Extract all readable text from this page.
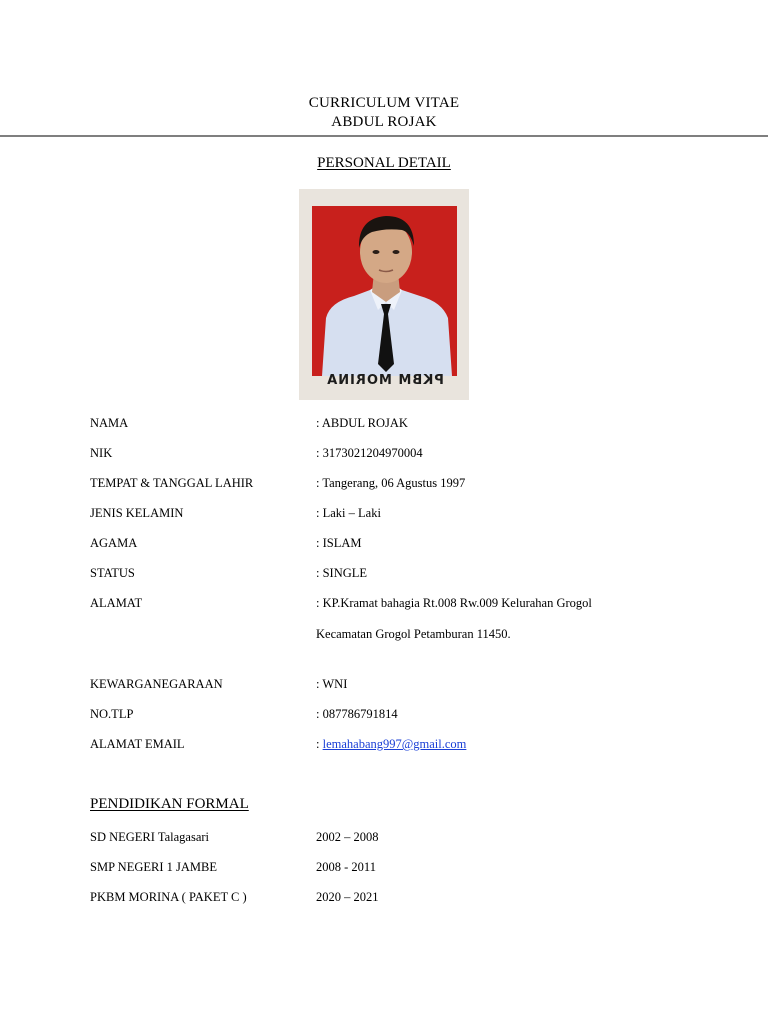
CURRICULUM VITAE
ABDUL ROJAK
PERSONAL DETAIL
PKBM MORINA
NAMA	: ABDUL ROJAK
NIK	: 3173021204970004
TEMPAT & TANGGAL LAHIR	: Tangerang, 06 Agustus 1997
JENIS KELAMIN	: Laki – Laki
AGAMA	: ISLAM
STATUS	: SINGLE
ALAMAT	: KP.Kramat bahagia Rt.008 Rw.009 Kelurahan Grogol
Kecamatan Grogol Petamburan 11450.
KEWARGANEGARAAN	: WNI
NO.TLP	: 087786791814
ALAMAT EMAIL	: lemahabang997@gmail.com
PENDIDIKAN FORMAL
SD NEGERI Talagasari	2002 – 2008
SMP NEGERI 1 JAMBE	2008 - 2011
PKBM MORINA ( PAKET C )	2020 – 2021
